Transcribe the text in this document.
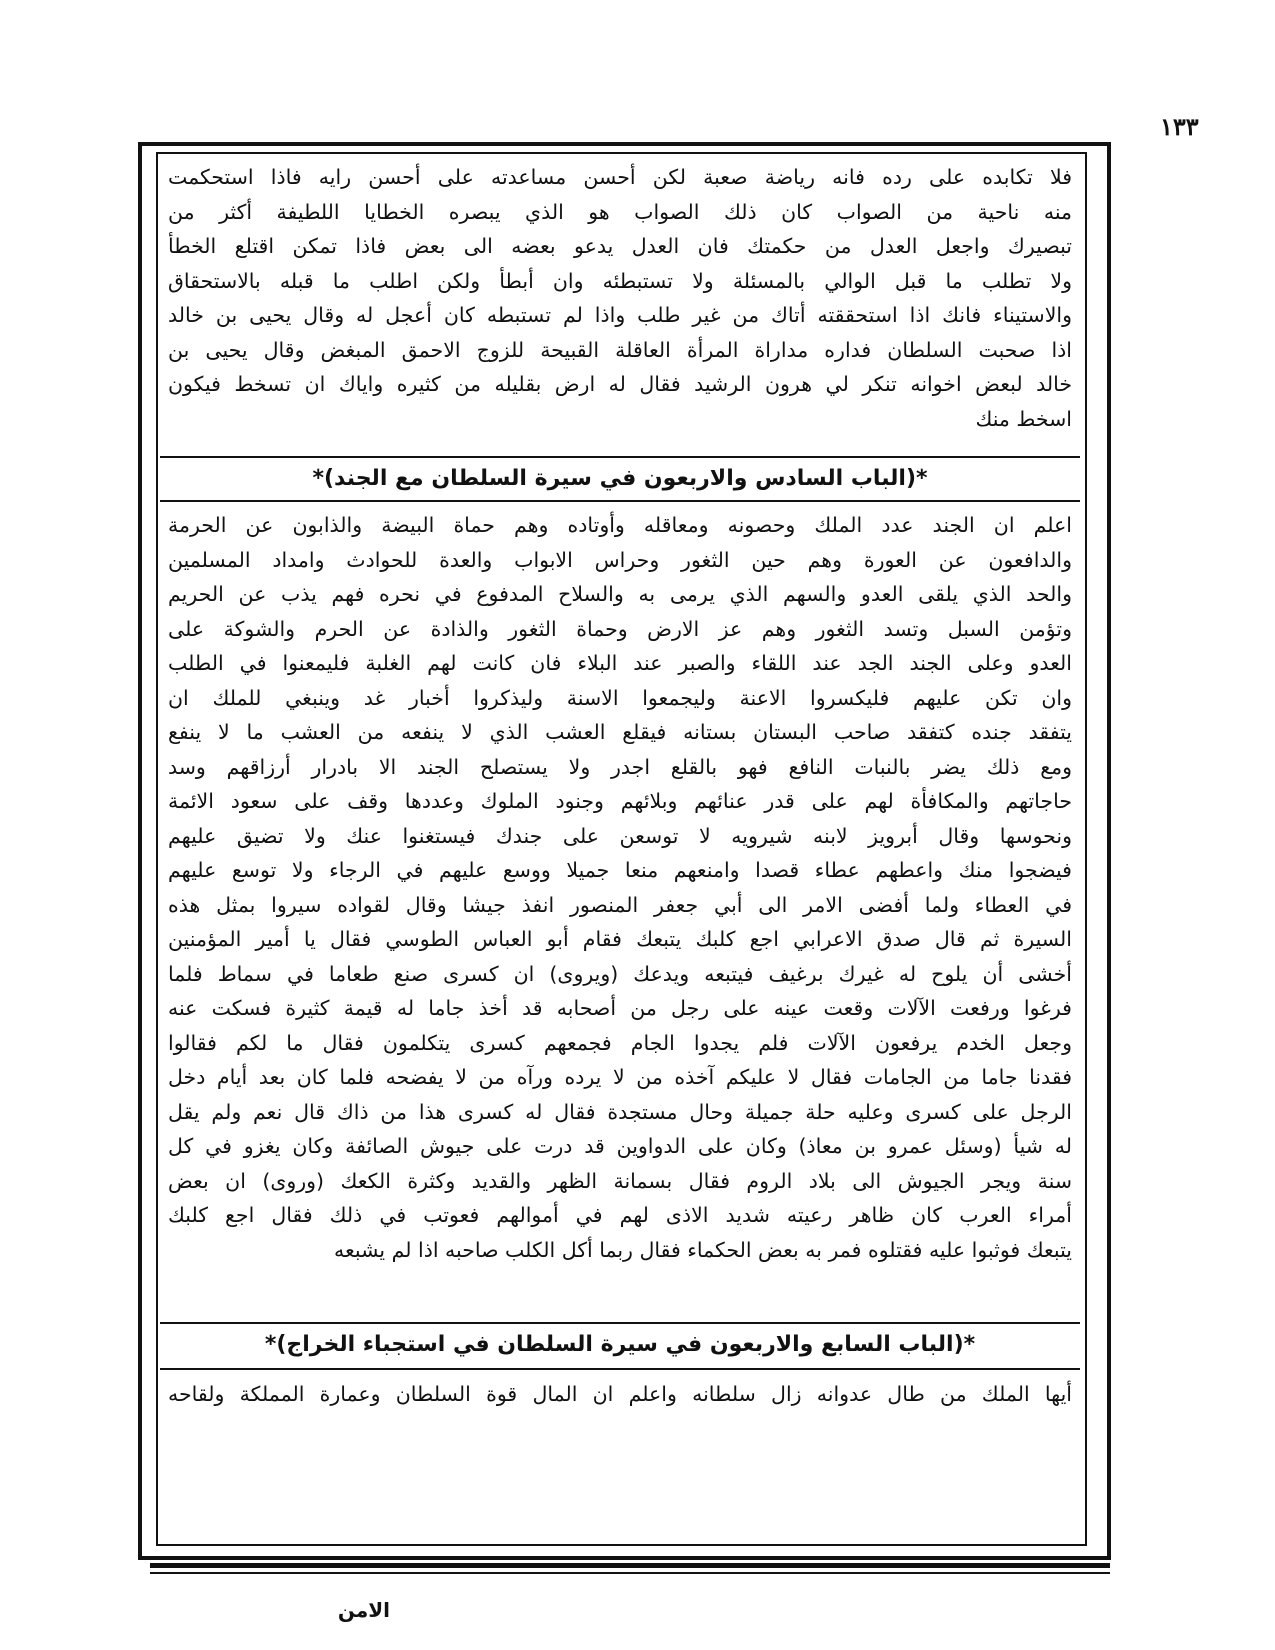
١٣٣
فلا تكابده على رده فانه رياضة صعبة لكن أحسن مساعدته على أحسن رايه فاذا استحكمت
منه ناحية من الصواب كان ذلك الصواب هو الذي يبصره الخطايا اللطيفة أكثر من
تبصيرك واجعل العدل من حكمتك فان العدل يدعو بعضه الى بعض فاذا تمكن اقتلع الخطأ
ولا تطلب ما قبل الوالي بالمسئلة ولا تستبطئه وان أبطأ ولكن اطلب ما قبله بالاستحقاق
والاستيناء فانك اذا استحققته أتاك من غير طلب واذا لم تستبطه كان أعجل له وقال يحيى بن خالد
اذا صحبت السلطان فداره مداراة المرأة العاقلة القبيحة للزوج الاحمق المبغض وقال يحيى بن
خالد لبعض اخوانه تنكر لي هرون الرشيد فقال له ارض بقليله من كثيره واياك ان تسخط فيكون
اسخط منك
*(الباب السادس والاربعون في سيرة السلطان مع الجند)*
اعلم ان الجند عدد الملك وحصونه ومعاقله وأوتاده وهم حماة البيضة والذابون عن الحرمة
والدافعون عن العورة وهم حين الثغور وحراس الابواب والعدة للحوادث وامداد المسلمين
والحد الذي يلقى العدو والسهم الذي يرمى به والسلاح المدفوع في نحره فهم يذب عن الحريم
وتؤمن السبل وتسد الثغور وهم عز الارض وحماة الثغور والذادة عن الحرم والشوكة على
العدو وعلى الجند الجد عند اللقاء والصبر عند البلاء فان كانت لهم الغلبة فليمعنوا في الطلب
وان تكن عليهم فليكسروا الاعنة وليجمعوا الاسنة وليذكروا أخبار غد وينبغي للملك ان
يتفقد جنده كتفقد صاحب البستان بستانه فيقلع العشب الذي لا ينفعه من العشب ما لا ينفع
ومع ذلك يضر بالنبات النافع فهو بالقلع اجدر ولا يستصلح الجند الا بادرار أرزاقهم وسد
حاجاتهم والمكافأة لهم على قدر عنائهم وبلائهم وجنود الملوك وعددها وقف على سعود الائمة
ونحوسها وقال أبرويز لابنه شيرويه لا توسعن على جندك فيستغنوا عنك ولا تضيق عليهم
فيضجوا منك واعطهم عطاء قصدا وامنعهم منعا جميلا ووسع عليهم في الرجاء ولا توسع عليهم
في العطاء ولما أفضى الامر الى أبي جعفر المنصور انفذ جيشا وقال لقواده سيروا بمثل هذه
السيرة ثم قال صدق الاعرابي اجع كلبك يتبعك فقام أبو العباس الطوسي فقال يا أمير المؤمنين
أخشى أن يلوح له غيرك برغيف فيتبعه ويدعك (ويروى) ان كسرى صنع طعاما في سماط فلما
فرغوا ورفعت الآلات وقعت عينه على رجل من أصحابه قد أخذ جاما له قيمة كثيرة فسكت عنه
وجعل الخدم يرفعون الآلات فلم يجدوا الجام فجمعهم كسرى يتكلمون فقال ما لكم فقالوا
فقدنا جاما من الجامات فقال لا عليكم آخذه من لا يرده ورآه من لا يفضحه فلما كان بعد أيام دخل
الرجل على كسرى وعليه حلة جميلة وحال مستجدة فقال له كسرى هذا من ذاك قال نعم ولم يقل
له شيأ (وسئل عمرو بن معاذ) وكان على الدواوين قد درت على جيوش الصائفة وكان يغزو في كل
سنة ويجر الجيوش الى بلاد الروم فقال بسمانة الظهر والقديد وكثرة الكعك (وروى) ان بعض
أمراء العرب كان ظاهر رعيته شديد الاذى لهم في أموالهم فعوتب في ذلك فقال اجع كلبك
يتبعك فوثبوا عليه فقتلوه فمر به بعض الحكماء فقال ربما أكل الكلب صاحبه اذا لم يشبعه
*(الباب السابع والاربعون في سيرة السلطان في استجباء الخراج)*
أيها الملك من طال عدوانه زال سلطانه واعلم ان المال قوة السلطان وعمارة المملكة ولقاحه
الامن
